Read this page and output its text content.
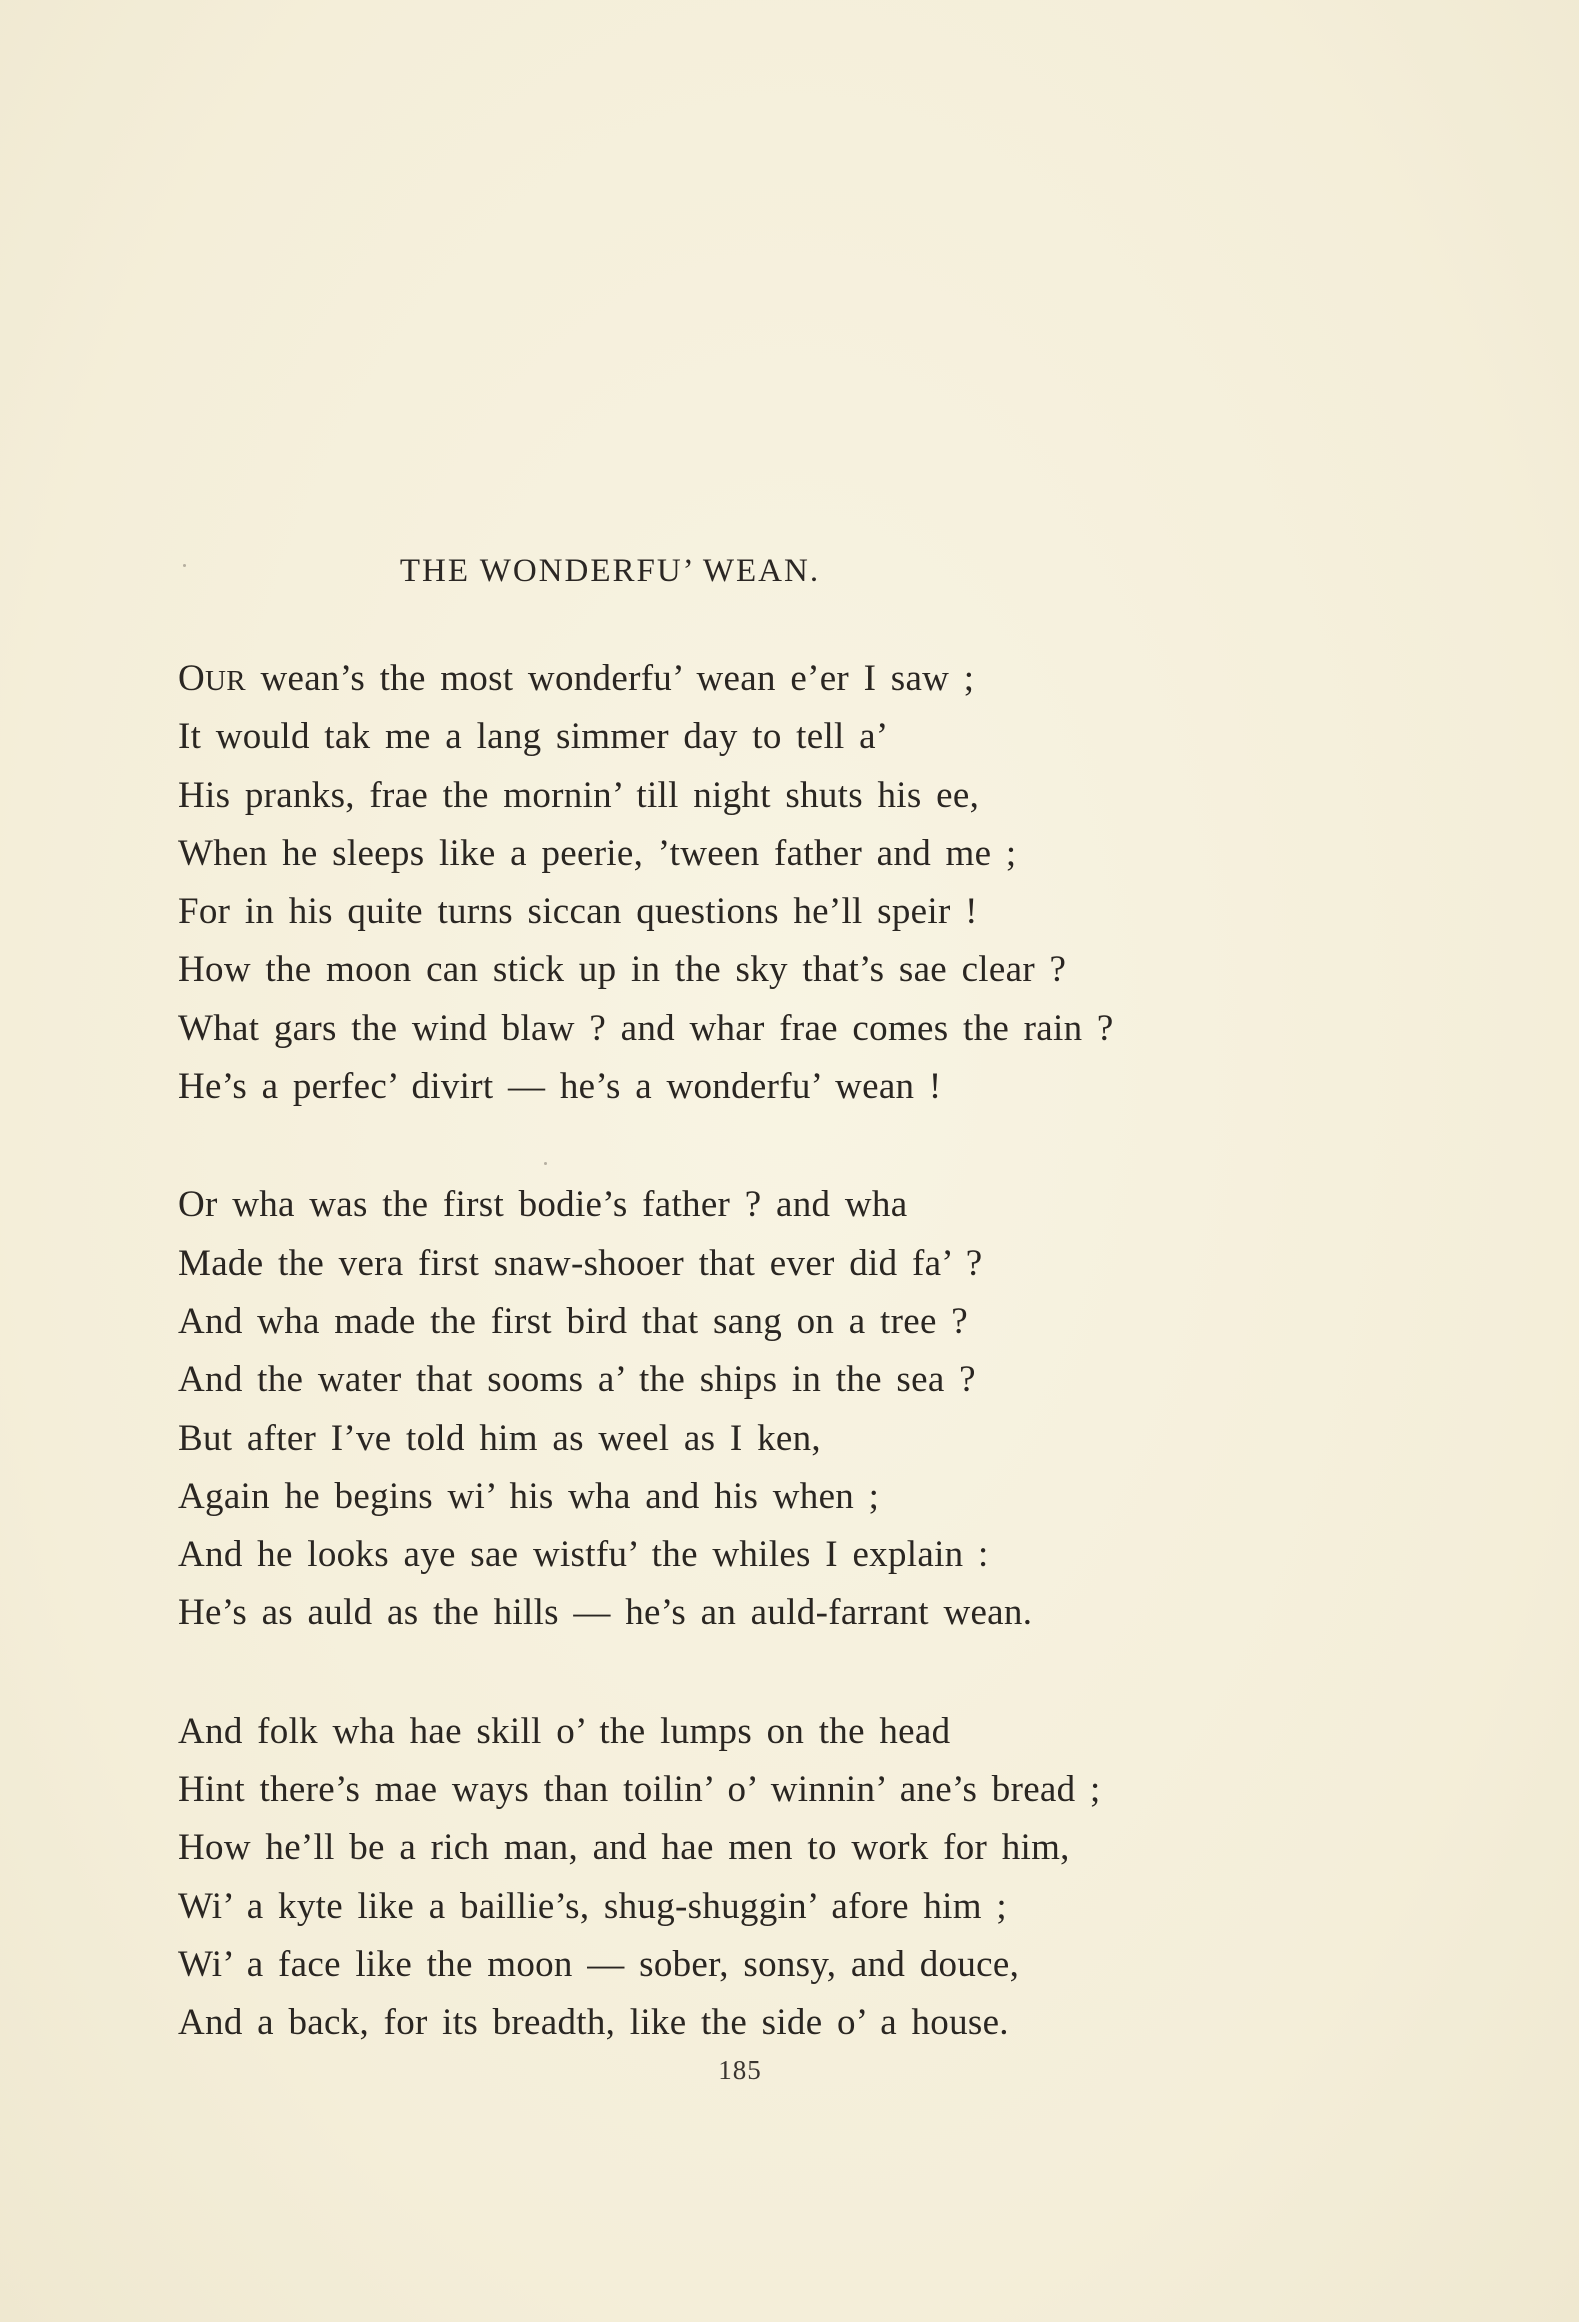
THE WONDERFU’ WEAN.
OUR wean’s the most wonderfu’ wean e’er I saw ;
It would tak me a lang simmer day to tell a’
His pranks, frae the mornin’ till night shuts his ee,
When he sleeps like a peerie, ’tween father and me ;
For in his quite turns siccan questions he’ll speir !
How the moon can stick up in the sky that’s sae clear ?
What gars the wind blaw ? and whar frae comes the rain ?
He’s a perfec’ divirt — he’s a wonderfu’ wean !
Or wha was the first bodie’s father ? and wha
Made the vera first snaw-shooer that ever did fa’ ?
And wha made the first bird that sang on a tree ?
And the water that sooms a’ the ships in the sea ?
But after I’ve told him as weel as I ken,
Again he begins wi’ his wha and his when ;
And he looks aye sae wistfu’ the whiles I explain :
He’s as auld as the hills — he’s an auld-farrant wean.
And folk wha hae skill o’ the lumps on the head
Hint there’s mae ways than toilin’ o’ winnin’ ane’s bread ;
How he’ll be a rich man, and hae men to work for him,
Wi’ a kyte like a baillie’s, shug-shuggin’ afore him ;
Wi’ a face like the moon — sober, sonsy, and douce,
And a back, for its breadth, like the side o’ a house.
185
